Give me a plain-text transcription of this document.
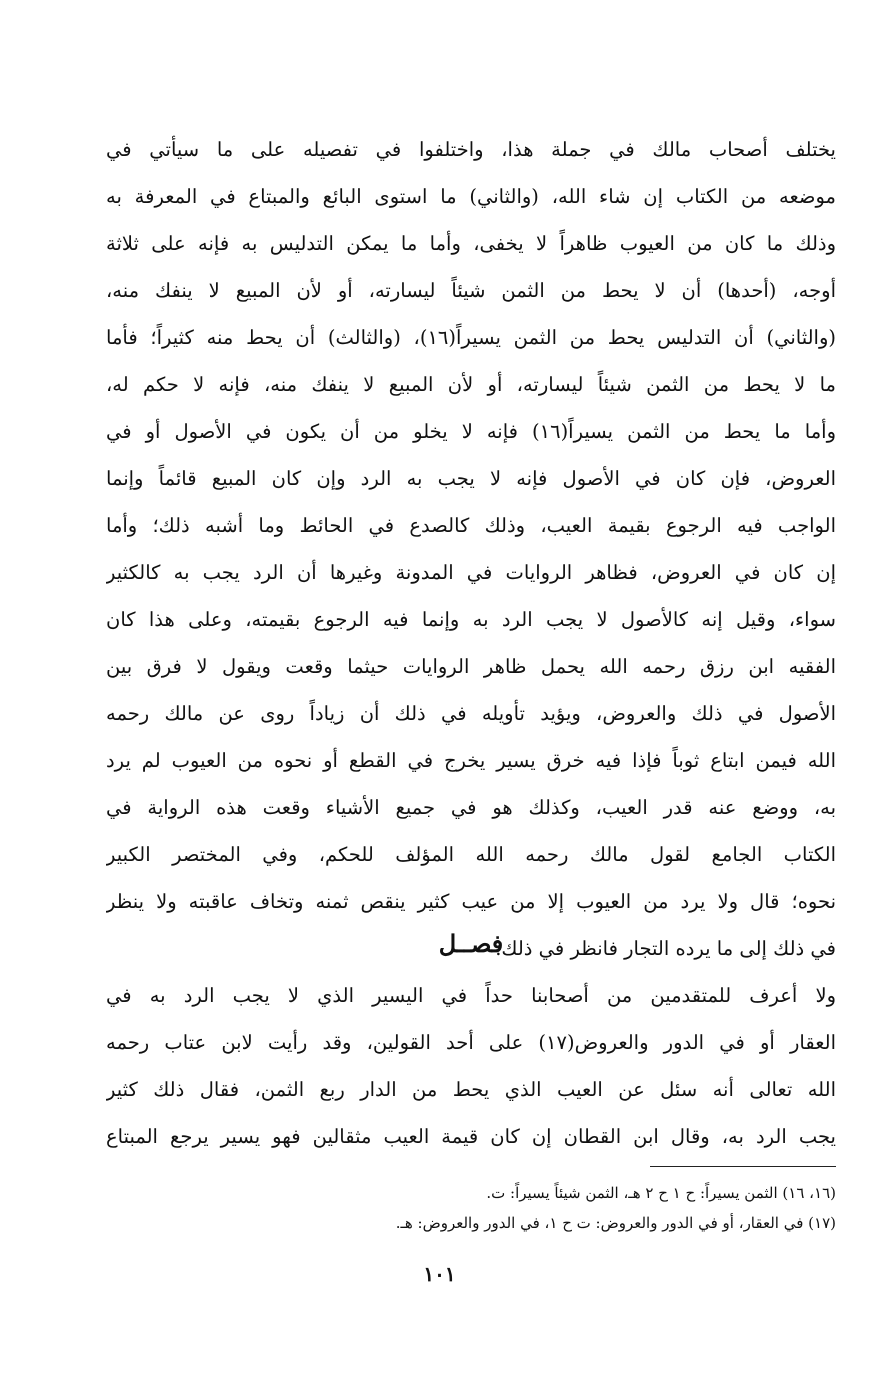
يختلف أصحاب مالك في جملة هذا، واختلفوا في تفصيله على ما سيأتي في
موضعه من الكتاب إن شاء الله، (والثاني) ما استوى البائع والمبتاع في المعرفة به
وذلك ما كان من العيوب ظاهراً لا يخفى، وأما ما يمكن التدليس به فإنه على ثلاثة
أوجه، (أحدها) أن لا يحط من الثمن شيئاً ليسارته، أو لأن المبيع لا ينفك منه،
(والثاني) أن التدليس يحط من الثمن يسيراً(١٦)، (والثالث) أن يحط منه كثيراً؛ فأما
ما لا يحط من الثمن شيئاً ليسارته، أو لأن المبيع لا ينفك منه، فإنه لا حكم له،
وأما ما يحط من الثمن يسيراً(١٦) فإنه لا يخلو من أن يكون في الأصول أو في
العروض، فإن كان في الأصول فإنه لا يجب به الرد وإن كان المبيع قائماً وإنما
الواجب فيه الرجوع بقيمة العيب، وذلك كالصدع في الحائط وما أشبه ذلك؛ وأما
إن كان في العروض، فظاهر الروايات في المدونة وغيرها أن الرد يجب به كالكثير
سواء، وقيل إنه كالأصول لا يجب الرد به وإنما فيه الرجوع بقيمته، وعلى هذا كان
الفقيه ابن رزق رحمه الله يحمل ظاهر الروايات حيثما وقعت ويقول لا فرق بين
الأصول في ذلك والعروض، ويؤيد تأويله في ذلك أن زياداً روى عن مالك رحمه
الله فيمن ابتاع ثوباً فإذا فيه خرق يسير يخرج في القطع أو نحوه من العيوب لم يرد
به، ووضع عنه قدر العيب، وكذلك هو في جميع الأشياء وقعت هذه الرواية في
الكتاب الجامع لقول مالك رحمه الله المؤلف للحكم، وفي المختصر الكبير
نحوه؛ قال ولا يرد من العيوب إلا من عيب كثير ينقص ثمنه وتخاف عاقبته ولا ينظر
في ذلك إلى ما يرده التجار فانظر في ذلك.
فصــل
ولا أعرف للمتقدمين من أصحابنا حداً في اليسير الذي لا يجب الرد به في
العقار أو في الدور والعروض(١٧) على أحد القولين، وقد رأيت لابن عتاب رحمه
الله تعالى أنه سئل عن العيب الذي يحط من الدار ربع الثمن، فقال ذلك كثير
يجب الرد به، وقال ابن القطان إن كان قيمة العيب مثقالين فهو يسير يرجع المبتاع
(١٦، ١٦) الثمن يسيراً: ح ١ ح ٢ هـ، الثمن شيئاً يسيراً: ت.
(١٧) في العقار، أو في الدور والعروض: ت ح ١، في الدور والعروض: هـ.
١٠١
